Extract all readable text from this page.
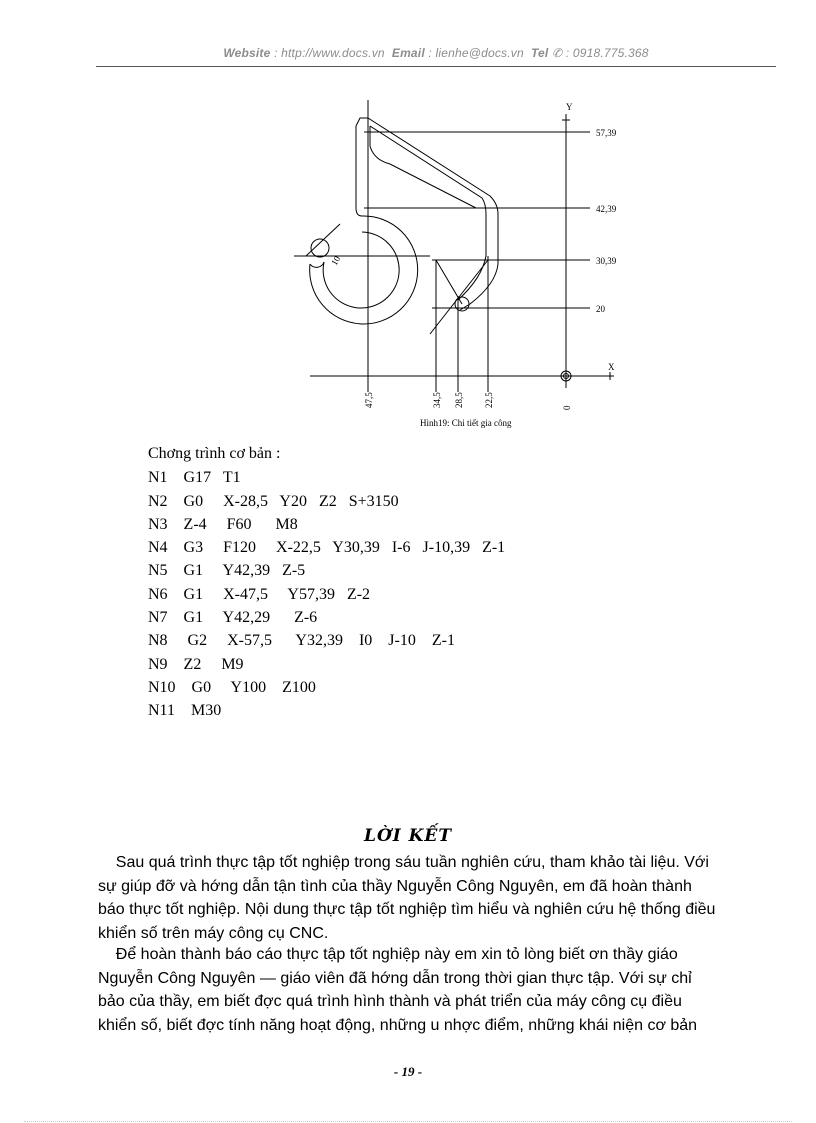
Website : http://www.docs.vn Email : lienhe@docs.vn Tel ✆ : 0918.775.368
Y
X
57,39
42,39
30,39
20
47,5	34,5 28,5 22,5	0
10
Hình19: Chi tiết gia công
Chơng trình cơ bản :
N1    G17   T1
N2    G0     X-28,5   Y20   Z2   S+3150
N3    Z-4     F60      M8
N4    G3     F120     X-22,5   Y30,39   I-6   J-10,39   Z-1
N5    G1     Y42,39   Z-5
N6    G1     X-47,5     Y57,39   Z-2
N7    G1     Y42,29      Z-6
N8     G2     X-57,5      Y32,39    I0    J-10    Z-1
N9    Z2     M9
N10    G0     Y100    Z100
N11    M30
LỜI KẾT
Sau quá trình thực tập tốt nghiệp trong sáu tuần nghiên cứu, tham khảo tài liệu. Với
sự giúp đỡ và hớng dẫn tận tình của thầy Nguyễn Công Nguyên, em đã hoàn thành
báo thực tốt nghiệp. Nội dung thực tập tốt nghiệp tìm hiểu và nghiên cứu hệ thống điều
khiển số trên máy công cụ CNC.
Để hoàn thành báo cáo thực tập tốt nghiệp này em xin tỏ lòng biết ơn thầy giáo
Nguyễn Công Nguyên — giáo viên đã hớng dẫn trong thời gian thực tập. Với sự chỉ
bảo của thầy, em biết đợc quá trình hình thành và phát triển của máy công cụ điều
khiển số, biết đợc tính năng hoạt động, những u nhợc điểm, những khái niện cơ bản
- 19 -
